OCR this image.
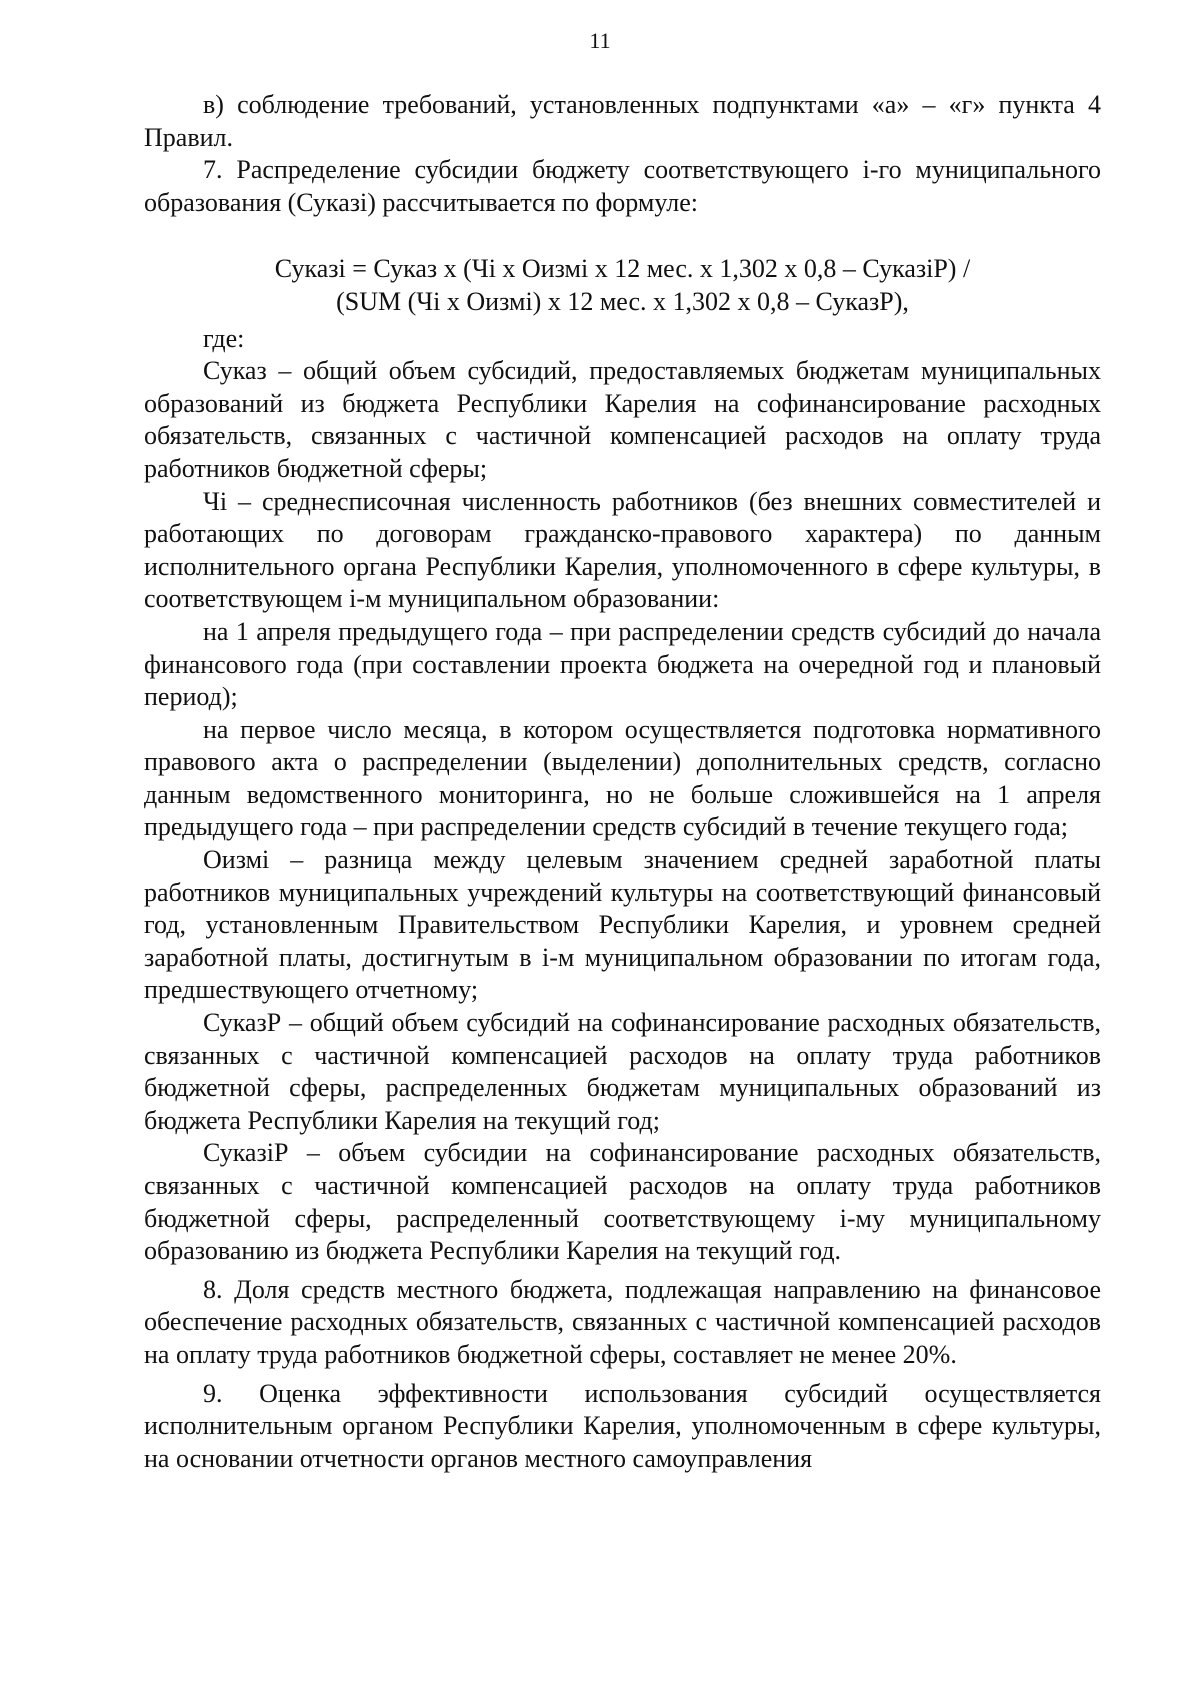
11

в) соблюдение требований, установленных подпунктами «а» – «г» пункта 4 Правил.

7. Распределение субсидии бюджету соответствующего i-го муниципального образования (Суказі) рассчитывается по формуле:

Суказі = Суказ х (Чі х Оизмі х 12 мес. х 1,302 х 0,8 – СуказіР) /
(SUM (Чі х Оизмі) х 12 мес. х 1,302 х 0,8 – СуказР),

где:

Суказ – общий объем субсидий, предоставляемых бюджетам муниципальных образований из бюджета Республики Карелия на софинансирование расходных обязательств, связанных с частичной компенсацией расходов на оплату труда работников бюджетной сферы;

Чі – среднесписочная численность работников (без внешних совместителей и работающих по договорам гражданско-правового характера) по данным исполнительного органа Республики Карелия, уполномоченного в сфере культуры, в соответствующем і-м муниципальном образовании:

на 1 апреля предыдущего года – при распределении средств субсидий до начала финансового года (при составлении проекта бюджета на очередной год и плановый период);

на первое число месяца, в котором осуществляется подготовка нормативного правового акта о распределении (выделении) дополнительных средств, согласно данным ведомственного мониторинга, но не больше сложившейся на 1 апреля предыдущего года – при распределении средств субсидий в течение текущего года;

Оизмі – разница между целевым значением средней заработной платы работников муниципальных учреждений культуры на соответствующий финансовый год, установленным Правительством Республики Карелия, и уровнем средней заработной платы, достигнутым в і-м муниципальном образовании по итогам года, предшествующего отчетному;

СуказР – общий объем субсидий на софинансирование расходных обязательств, связанных с частичной компенсацией расходов на оплату труда работников бюджетной сферы, распределенных бюджетам муниципальных образований из бюджета Республики Карелия на текущий год;

СуказіР – объем субсидии на софинансирование расходных обязательств, связанных с частичной компенсацией расходов на оплату труда работников бюджетной сферы, распределенный соответствующему і-му муниципальному образованию из бюджета Республики Карелия на текущий год.

8. Доля средств местного бюджета, подлежащая направлению на финансовое обеспечение расходных обязательств, связанных с частичной компенсацией расходов на оплату труда работников бюджетной сферы, составляет не менее 20%.

9. Оценка эффективности использования субсидий осуществляется исполнительным органом Республики Карелия, уполномоченным в сфере культуры, на основании отчетности органов местного самоуправления
